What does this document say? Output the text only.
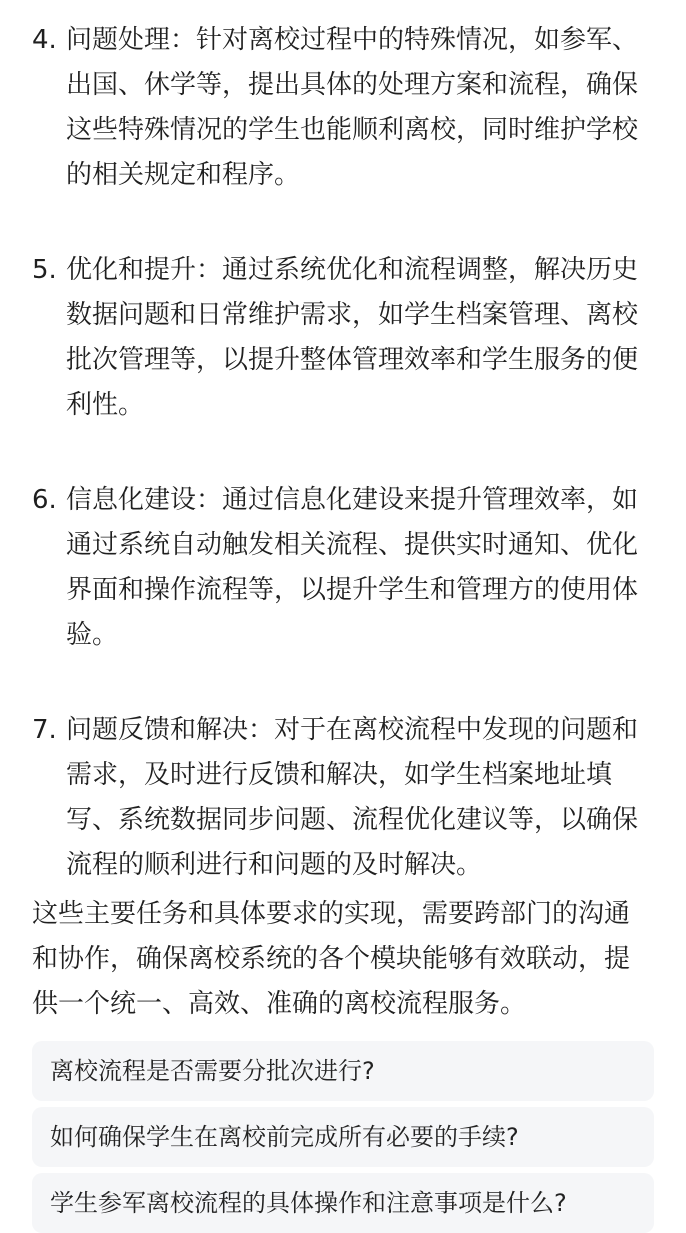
4. 问题处理：针对离校过程中的特殊情况，如参军、出国、休学等，提出具体的处理方案和流程，确保这些特殊情况的学生也能顺利离校，同时维护学校的相关规定和程序。
5. 优化和提升：通过系统优化和流程调整，解决历史数据问题和日常维护需求，如学生档案管理、离校批次管理等，以提升整体管理效率和学生服务的便利性。
6. 信息化建设：通过信息化建设来提升管理效率，如通过系统自动触发相关流程、提供实时通知、优化界面和操作流程等，以提升学生和管理方的使用体验。
7. 问题反馈和解决：对于在离校流程中发现的问题和需求，及时进行反馈和解决，如学生档案地址填写、系统数据同步问题、流程优化建议等，以确保流程的顺利进行和问题的及时解决。

这些主要任务和具体要求的实现，需要跨部门的沟通和协作，确保离校系统的各个模块能够有效联动，提供一个统一、高效、准确的离校流程服务。

离校流程是否需要分批次进行?
如何确保学生在离校前完成所有必要的手续?
学生参军离校流程的具体操作和注意事项是什么?
